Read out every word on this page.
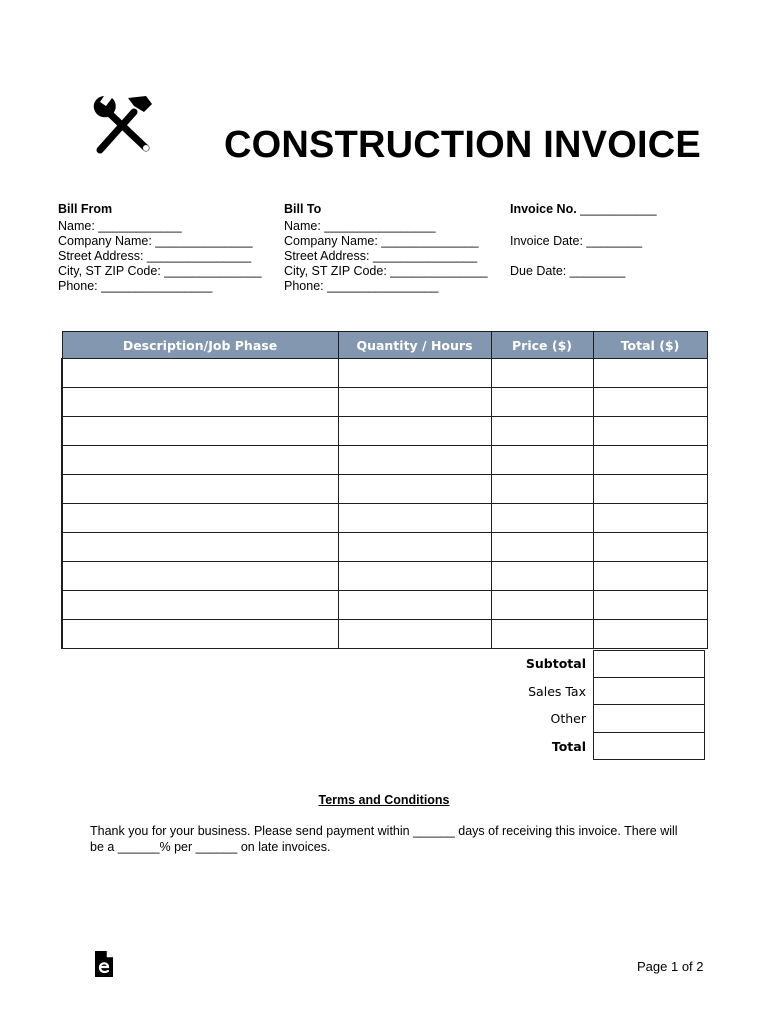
CONSTRUCTION INVOICE
Bill From
Name: ____________
Company Name: ______________
Street Address: _______________
City, ST ZIP Code: ______________
Phone: ________________
Bill To
Name: ________________
Company Name: ______________
Street Address: _______________
City, ST ZIP Code: ______________
Phone: ________________
Invoice No. ___________
Invoice Date: ________
Due Date: ________
Description/Job Phase	Quantity / Hours	Price ($)	Total ($)

Subtotal
Sales Tax
Other
Total
Terms and Conditions
Thank you for your business. Please send payment within ______ days of receiving this invoice. There will be a ______% per ______ on late invoices.
Page 1 of 2
